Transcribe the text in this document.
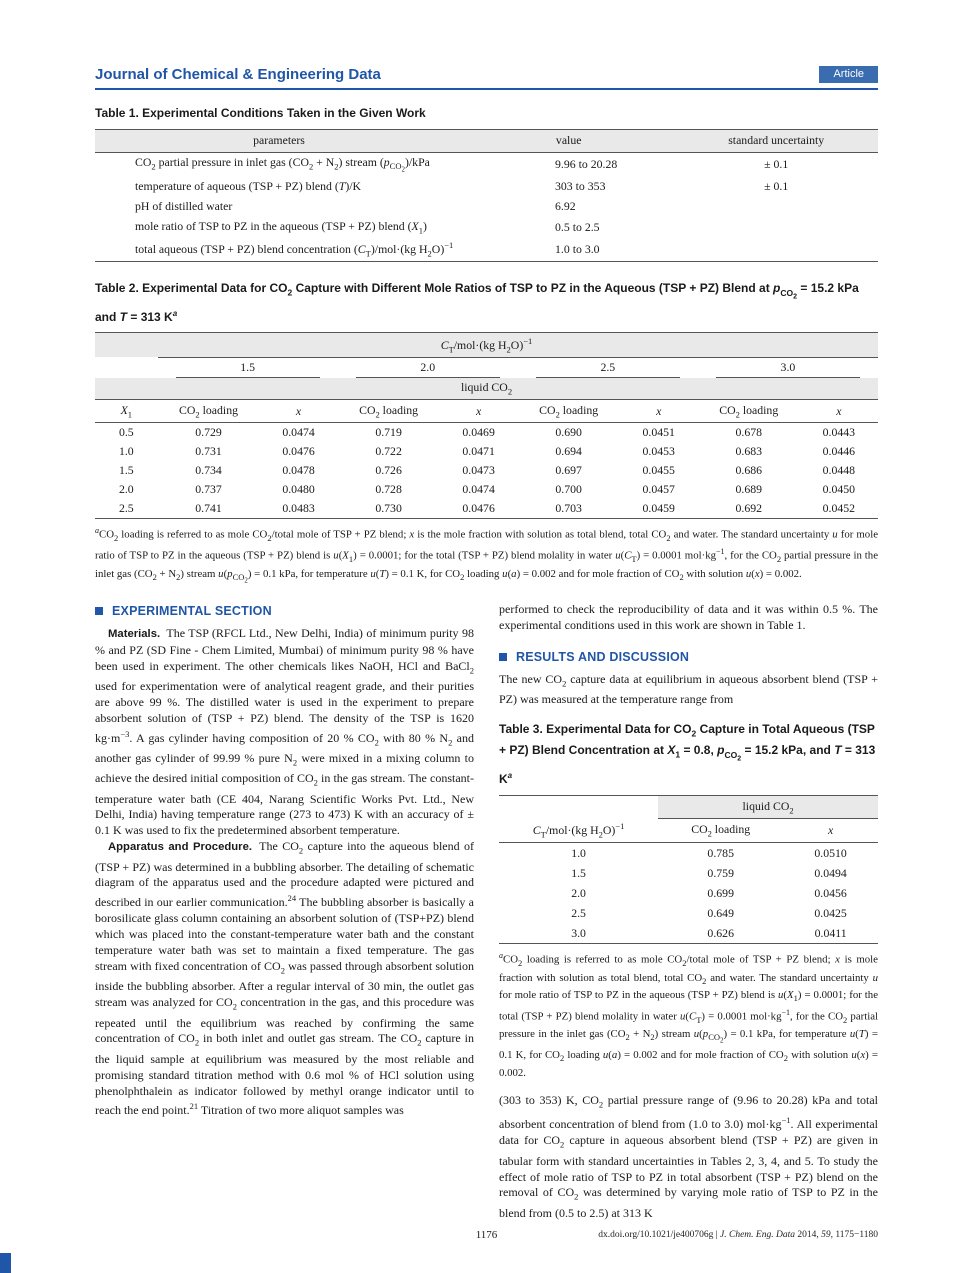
Journal of Chemical & Engineering Data	Article
Table 1. Experimental Conditions Taken in the Given Work
parameters	value	standard uncertainty
$CO_2$ partial pressure in inlet gas $(CO_2 + N_2)$ stream $(p_{CO_2})$/kPa	9.96 to 20.28	± 0.1
temperature of aqueous (TSP + PZ) blend (T)/K	303 to 353	± 0.1
pH of distilled water	6.92	
mole ratio of TSP to PZ in the aqueous (TSP + PZ) blend $(X_1)$	0.5 to 2.5	
total aqueous (TSP + PZ) blend concentration $(C_T)/mol\cdot(kg$ $H_2O)^{-1}$	1.0 to 3.0	
Table 2. Experimental Data for $CO_2$ Capture with Different Mole Ratios of TSP to PZ in the Aqueous (TSP + PZ) Blend at $p_{CO_2} = 15.2$ kPa and T = 313 $K^a$
$C_T/mol\cdot(kg$ $H_2O)^{-1}$

	1.5		2.0		2.5		3.0	

liquid $CO_2$
$X_1$	$CO_2$ loading	x	$CO_2$ loading	x	$CO_2$ loading	x	$CO_2$ loading	x
0.5	0.729	0.0474	0.719	0.0469	0.690	0.0451	0.678	0.0443
1.0	0.731	0.0476	0.722	0.0471	0.694	0.0453	0.683	0.0446
1.5	0.734	0.0478	0.726	0.0473	0.697	0.0455	0.686	0.0448
2.0	0.737	0.0480	0.728	0.0474	0.700	0.0457	0.689	0.0450
2.5	0.741	0.0483	0.730	0.0476	0.703	0.0459	0.692	0.0452
$^aCO_2$ loading is referred to as mole $CO_2$/total mole of TSP + PZ blend; x is the mole fraction with solution as total blend, total $CO_2$ and water. The standard uncertainty u for mole ratio of TSP to PZ in the aqueous (TSP + PZ) blend is $u(X_1) = 0.0001$; for the total (TSP + PZ) blend molality in water $u(C_T) = 0.0001$ $mol\cdot kg^{-1}$, for the $CO_2$ partial pressure in the inlet gas $(CO_2 + N_2)$ stream $u(p_{CO_2}) = 0.1$ kPa, for temperature u(T) = 0.1 K, for $CO_2$ loading u(a) = 0.002 and for mole fraction of $CO_2$ with solution u(x) = 0.002.
EXPERIMENTAL SECTION

Materials. The TSP (RFCL Ltd., New Delhi, India) of minimum purity 98 % and PZ (SD Fine - Chem Limited, Mumbai) of minimum purity 98 % have been used in experiment. The other chemicals likes NaOH, HCl and BaCl$_2$ used for experimentation were of analytical reagent grade, and their purities are above 99 %. The distilled water is used in the experiment to prepare absorbent solution of (TSP + PZ) blend. The density of the TSP is 1620 $kg\cdot m^{-3}$. A gas cylinder having composition of 20 % $CO_2$ with 80 % $N_2$ and another gas cylinder of 99.99 % pure $N_2$ were mixed in a mixing column to achieve the desired initial composition of $CO_2$ in the gas stream. The constant-temperature water bath (CE 404, Narang Scientific Works Pvt. Ltd., New Delhi, India) having temperature range (273 to 473) K with an accuracy of ± 0.1 K was used to fix the predetermined absorbent temperature.

Apparatus and Procedure. The $CO_2$ capture into the aqueous blend of (TSP + PZ) was determined in a bubbling absorber. The detailing of schematic diagram of the apparatus used and the procedure adapted were pictured and described in our earlier communication.$^{24}$ The bubbling absorber is basically a borosilicate glass column containing an absorbent solution of (TSP+PZ) blend which was placed into the constant-temperature water bath and the constant temperature water bath was set to maintain a fixed temperature. The gas stream with fixed concentration of $CO_2$ was passed through absorbent solution inside the bubbling absorber. After a regular interval of 30 min, the outlet gas stream was analyzed for $CO_2$ concentration in the gas, and this procedure was repeated until the equilibrium was reached by confirming the same concentration of $CO_2$ in both inlet and outlet gas stream. The $CO_2$ capture in the liquid sample at equilibrium was measured by the most reliable and promising standard titration method with 0.6 mol % of HCl solution using phenolphthalein as indicator followed by methyl orange indicator until to reach the end point.$^{21}$ Titration of two more aliquot samples was

performed to check the reproducibility of data and it was within 0.5 %. The experimental conditions used in this work are shown in Table 1.

RESULTS AND DISCUSSION

The new $CO_2$ capture data at equilibrium in aqueous absorbent blend (TSP + PZ) was measured at the temperature range from

Table 3. Experimental Data for $CO_2$ Capture in Total Aqueous (TSP + PZ) Blend Concentration at $X_1 = 0.8$, $p_{CO_2} = 15.2$ kPa, and T = 313 $K^a$
	liquid $CO_2$
$C_T/mol\cdot(kg$ $H_2O)^{-1}$	$CO_2$ loading	x
1.0	0.785	0.0510
1.5	0.759	0.0494
2.0	0.699	0.0456
2.5	0.649	0.0425
3.0	0.626	0.0411
$^aCO_2$ loading is referred to as mole $CO_2$/total mole of TSP + PZ blend; x is mole fraction with solution as total blend, total $CO_2$ and water. The standard uncertainty u for mole ratio of TSP to PZ in the aqueous (TSP + PZ) blend is $u(X_1) = 0.0001$; for the total (TSP + PZ) blend molality in water $u(C_T) = 0.0001$ $mol\cdot kg^{-1}$, for the $CO_2$ partial pressure in the inlet gas $(CO_2 + N_2)$ stream $u(p_{CO_2}) = 0.1$ kPa, for temperature u(T) = 0.1 K, for $CO_2$ loading u(a) = 0.002 and for mole fraction of $CO_2$ with solution u(x) = 0.002.

(303 to 353) K, $CO_2$ partial pressure range of (9.96 to 20.28) kPa and total absorbent concentration of blend from (1.0 to 3.0) $mol\cdot kg^{-1}$. All experimental data for $CO_2$ capture in aqueous absorbent blend (TSP + PZ) are given in tabular form with standard uncertainties in Tables 2, 3, 4, and 5. To study the effect of mole ratio of TSP to PZ in total absorbent (TSP + PZ) blend on the removal of $CO_2$ was determined by varying mole ratio of TSP to PZ in the blend from (0.5 to 2.5) at 313 K

1176	dx.doi.org/10.1021/je400706g | J. Chem. Eng. Data 2014, 59, 1175−1180
